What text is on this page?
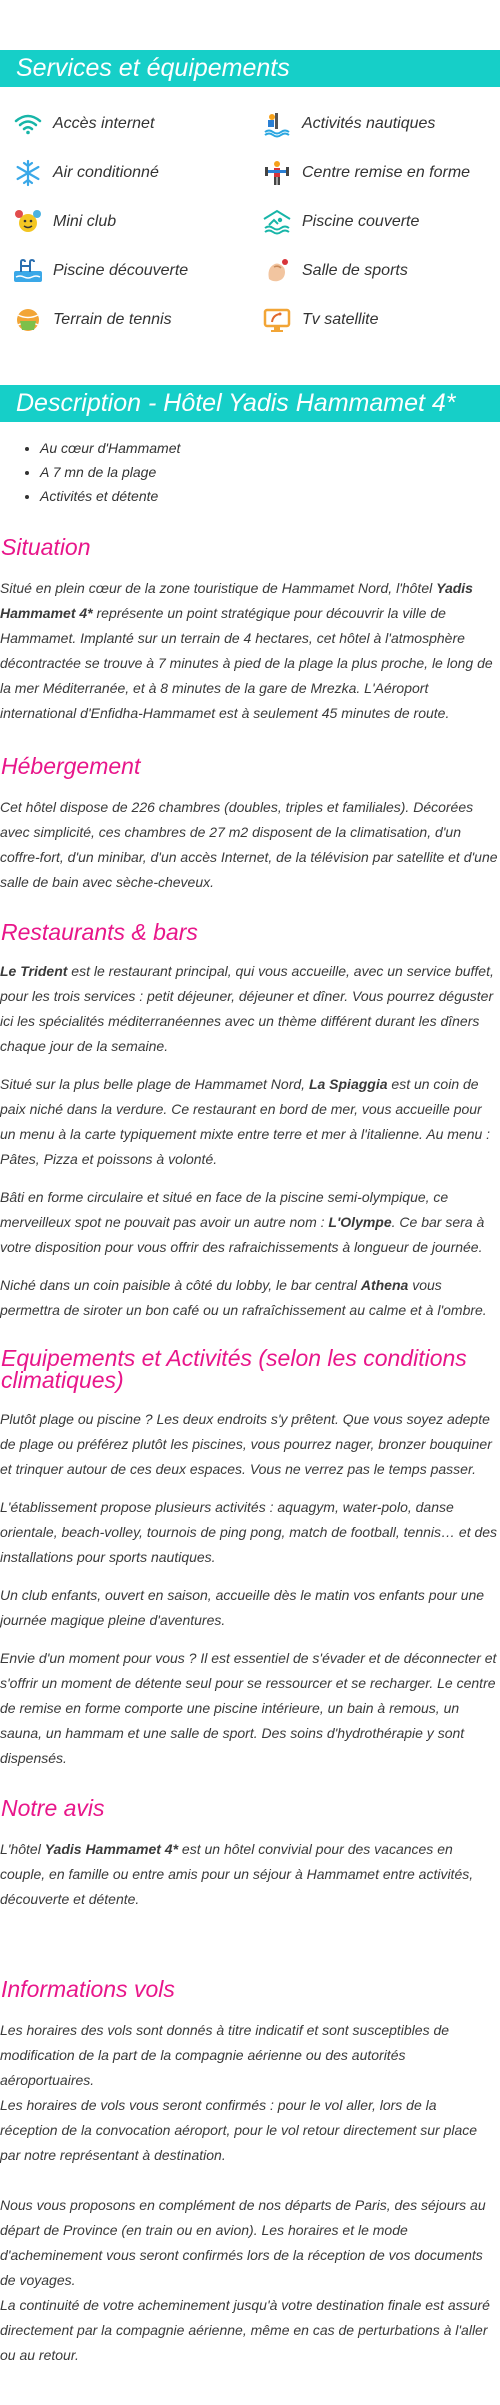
Services et équipements
Accès internet	Activités nautiques
Air conditionné	Centre remise en forme
Mini club	Piscine couverte
Piscine découverte	Salle de sports
Terrain de tennis	Tv satellite
Description - Hôtel Yadis Hammamet 4*
• Au cœur d'Hammamet
• A 7 mn de la plage
• Activités et détente
Situation

Situé en plein cœur de la zone touristique de Hammamet Nord, l'hôtel Yadis Hammamet 4* représente un point stratégique pour découvrir la ville de Hammamet. Implanté sur un terrain de 4 hectares, cet hôtel à l'atmosphère décontractée se trouve à 7 minutes à pied de la plage la plus proche, le long de la mer Méditerranée, et à 8 minutes de la gare de Mrezka. L'Aéroport international d'Enfidha-Hammamet est à seulement 45 minutes de route.

Hébergement

Cet hôtel dispose de 226 chambres (doubles, triples et familiales). Décorées avec simplicité, ces chambres de 27 m2 disposent de la climatisation, d'un coffre-fort, d'un minibar, d'un accès Internet, de la télévision par satellite et d'une salle de bain avec sèche-cheveux.

Restaurants & bars

Le Trident est le restaurant principal, qui vous accueille, avec un service buffet, pour les trois services : petit déjeuner, déjeuner et dîner. Vous pourrez déguster ici les spécialités méditerranéennes avec un thème différent durant les dîners chaque jour de la semaine.

Situé sur la plus belle plage de Hammamet Nord, La Spiaggia est un coin de paix niché dans la verdure. Ce restaurant en bord de mer, vous accueille pour un menu à la carte typiquement mixte entre terre et mer à l'italienne. Au menu : Pâtes, Pizza et poissons à volonté.

Bâti en forme circulaire et situé en face de la piscine semi-olympique, ce merveilleux spot ne pouvait pas avoir un autre nom : L'Olympe. Ce bar sera à votre disposition pour vous offrir des rafraichissements à longueur de journée.

Niché dans un coin paisible à côté du lobby, le bar central Athena vous permettra de siroter un bon café ou un rafraîchissement au calme et à l'ombre.

Equipements et Activités (selon les conditions climatiques)

Plutôt plage ou piscine ? Les deux endroits s'y prêtent. Que vous soyez adepte de plage ou préférez plutôt les piscines, vous pourrez nager, bronzer bouquiner et trinquer autour de ces deux espaces. Vous ne verrez pas le temps passer.

L'établissement propose plusieurs activités : aquagym, water-polo, danse orientale, beach-volley, tournois de ping pong, match de football, tennis… et des installations pour sports nautiques.

Un club enfants, ouvert en saison, accueille dès le matin vos enfants pour une journée magique pleine d'aventures.

Envie d'un moment pour vous ? Il est essentiel de s'évader et de déconnecter et s'offrir un moment de détente seul pour se ressourcer et se recharger. Le centre de remise en forme comporte une piscine intérieure, un bain à remous, un sauna, un hammam et une salle de sport. Des soins d'hydrothérapie y sont dispensés.

Notre avis

L'hôtel Yadis Hammamet 4* est un hôtel convivial pour des vacances en couple, en famille ou entre amis pour un séjour à Hammamet entre activités, découverte et détente.

Informations vols

Les horaires des vols sont donnés à titre indicatif et sont susceptibles de modification de la part de la compagnie aérienne ou des autorités aéroportuaires.

Les horaires de vols vous seront confirmés : pour le vol aller, lors de la réception de la convocation aéroport, pour le vol retour directement sur place par notre représentant à destination.

Nous vous proposons en complément de nos départs de Paris, des séjours au départ de Province (en train ou en avion). Les horaires et le mode d'acheminement vous seront confirmés lors de la réception de vos documents de voyages.

La continuité de votre acheminement jusqu'à votre destination finale est assuré directement par la compagnie aérienne, même en cas de perturbations à l'aller ou au retour.
